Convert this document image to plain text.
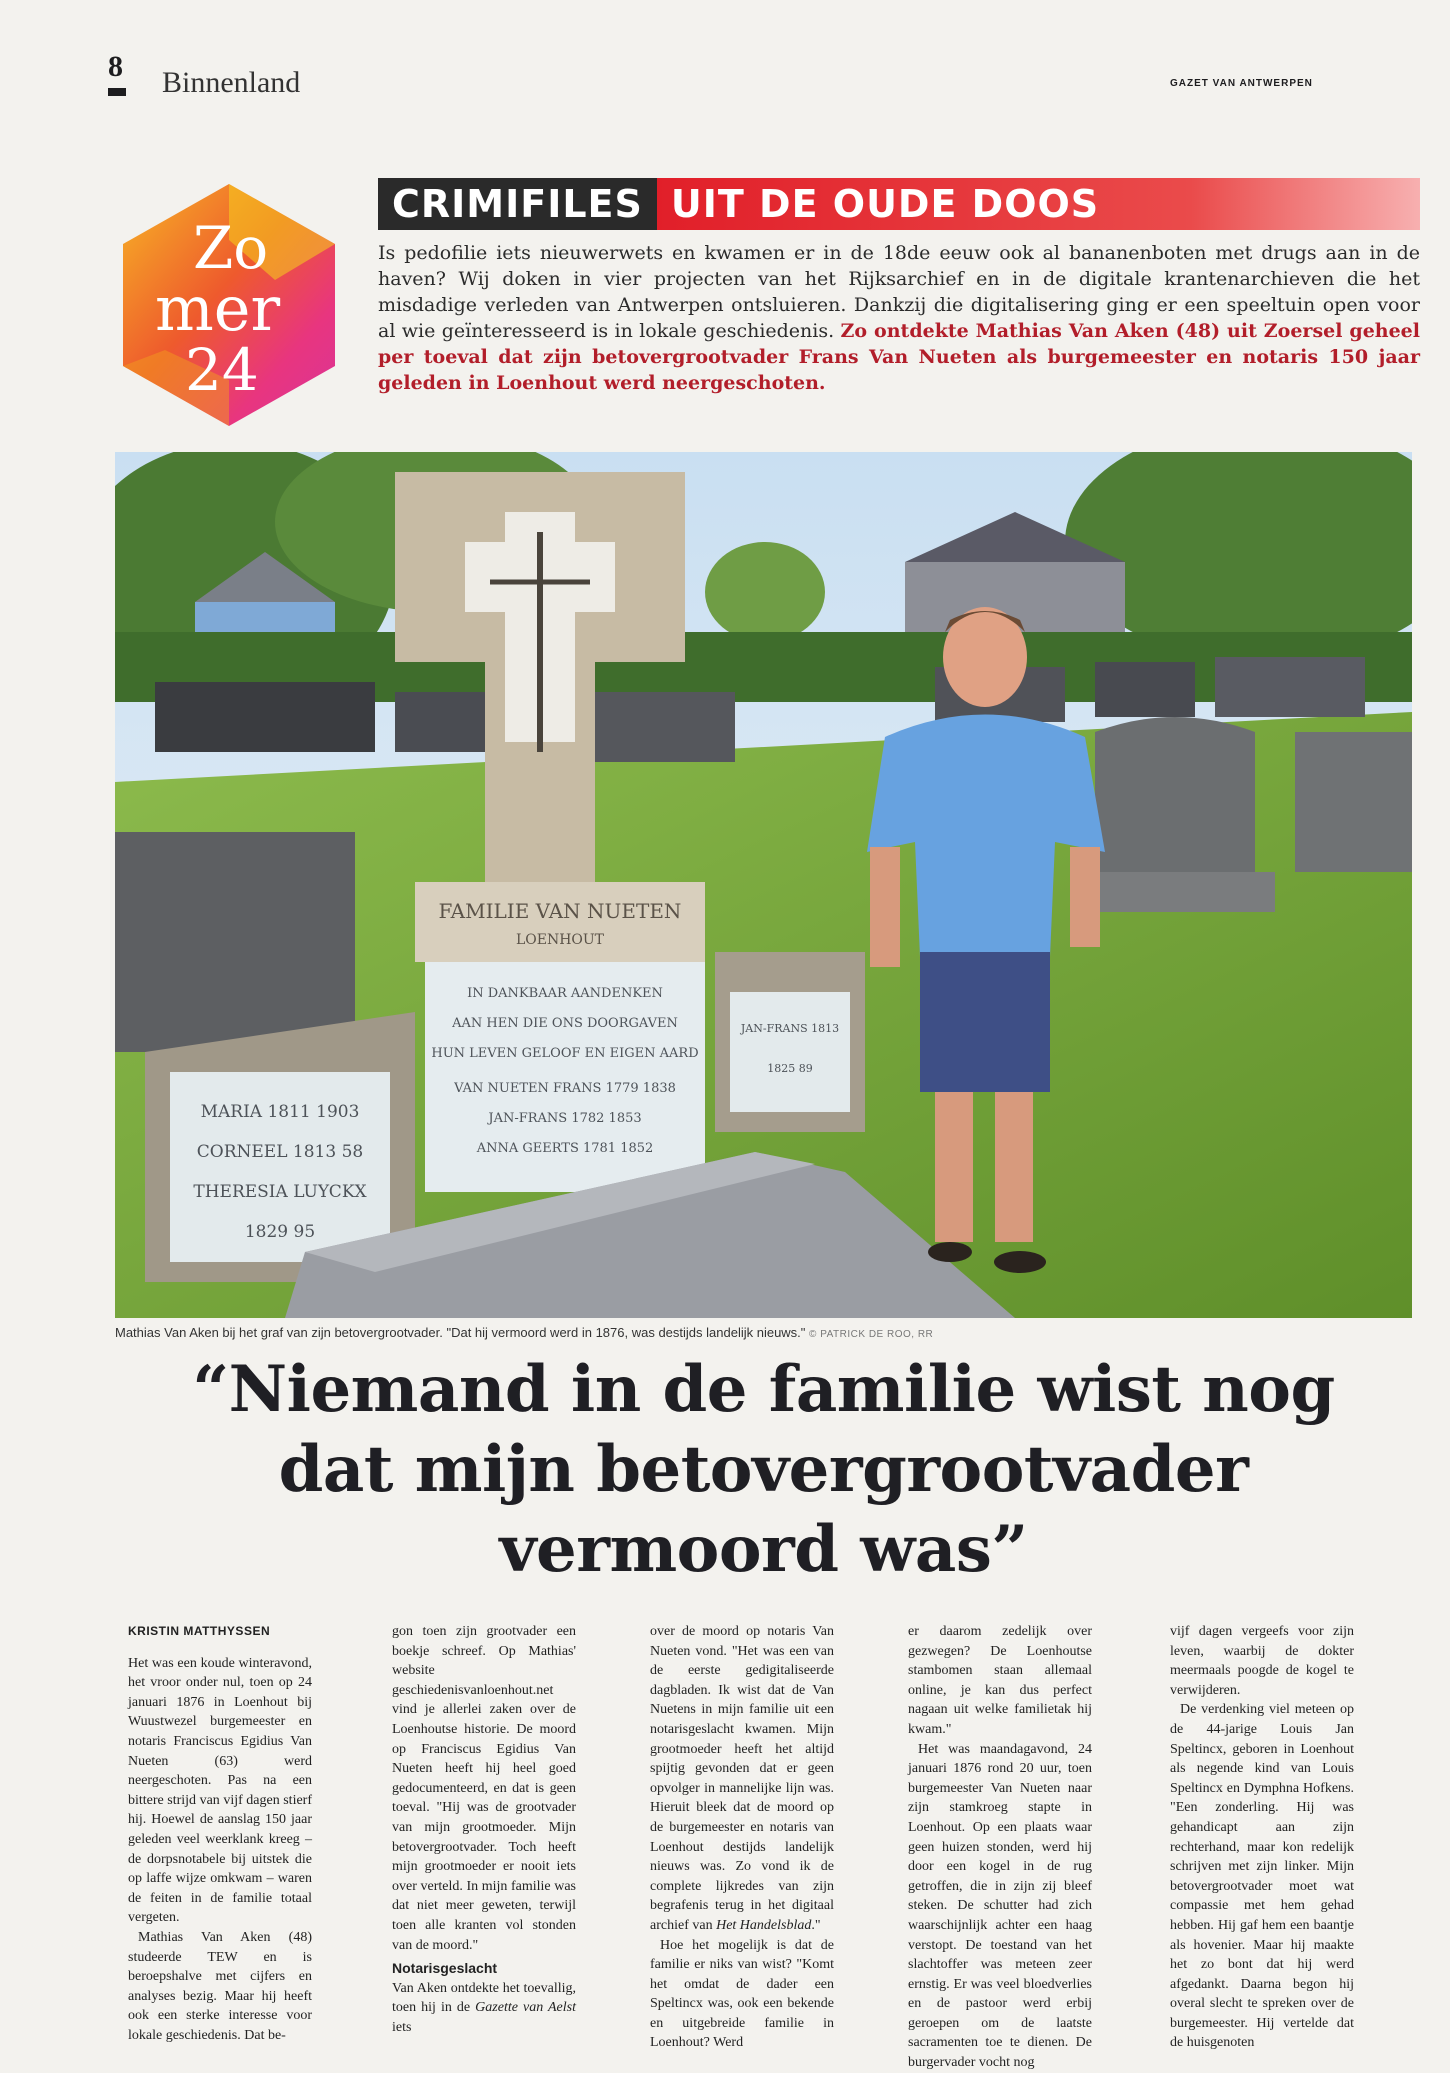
8 Binnenland	GAZET VAN ANTWERPEN
Zo
mer
24
CRIMIFILES UIT DE OUDE DOOS
Is pedofilie iets nieuwerwets en kwamen er in de 18de eeuw ook al bananenboten met drugs aan in de haven? Wij doken in vier projecten van het Rijksarchief en in de digitale krantenarchieven die het misdadige verleden van Antwerpen ontsluieren. Dankzij die digitalisering ging er een speeltuin open voor al wie geïnteresseerd is in lokale geschiedenis. Zo ontdekte Mathias Van Aken (48) uit Zoersel geheel per toeval dat zijn betovergrootvader Frans Van Nueten als burgemeester en notaris 150 jaar geleden in Loenhout werd neergeschoten.
FAMILIE VAN NUETEN
LOENHOUT
IN DANKBAAR AANDENKEN
AAN HEN DIE ONS DOORGAVEN
HUN LEVEN GELOOF EN EIGEN AARD
VAN NUETEN FRANS 1779 1838
JAN-FRANS 1782 1853
ANNA GEERTS 1781 1852
MARIA 1811 1903
CORNEEL 1813 58
THERESIA LUYCKX
1829 95
JAN-FRANS 1813
1825 89
Mathias Van Aken bij het graf van zijn betovergrootvader. "Dat hij vermoord werd in 1876, was destijds landelijk nieuws." © PATRICK DE ROO, RR
“Niemand in de familie wist nog
dat mijn betovergrootvader
vermoord was”
KRISTIN MATTHYSSEN

Het was een koude winteravond, het vroor onder nul, toen op 24 januari 1876 in Loenhout bij Wuustwezel burgemeester en notaris Franciscus Egidius Van Nueten (63) werd neergeschoten. Pas na een bittere strijd van vijf dagen stierf hij. Hoewel de aanslag 150 jaar geleden veel weerklank kreeg – de dorpsnotabele bij uitstek die op laffe wijze omkwam – waren de feiten in de familie totaal vergeten.

Mathias Van Aken (48) studeerde TEW en is beroepshalve met cijfers en analyses bezig. Maar hij heeft ook een sterke interesse voor lokale geschiedenis. Dat be-

gon toen zijn grootvader een boekje schreef. Op Mathias' website geschiedenisvanloenhout.net vind je allerlei zaken over de Loenhoutse historie. De moord op Franciscus Egidius Van Nueten heeft hij heel goed gedocumenteerd, en dat is geen toeval. "Hij was de grootvader van mijn grootmoeder. Mijn betovergrootvader. Toch heeft mijn grootmoeder er nooit iets over verteld. In mijn familie was dat niet meer geweten, terwijl toen alle kranten vol stonden van de moord."

Notarisgeslacht

Van Aken ontdekte het toevallig, toen hij in de Gazette van Aelst iets

over de moord op notaris Van Nueten vond. "Het was een van de eerste gedigitaliseerde dagbladen. Ik wist dat de Van Nuetens in mijn familie uit een notarisgeslacht kwamen. Mijn grootmoeder heeft het altijd spijtig gevonden dat er geen opvolger in mannelijke lijn was. Hieruit bleek dat de moord op de burgemeester en notaris van Loenhout destijds landelijk nieuws was. Zo vond ik de complete lijkredes van zijn begrafenis terug in het digitaal archief van Het Handelsblad."

Hoe het mogelijk is dat de familie er niks van wist? "Komt het omdat de dader een Speltincx was, ook een bekende en uitgebreide familie in Loenhout? Werd

er daarom zedelijk over gezwegen? De Loenhoutse stambomen staan allemaal online, je kan dus perfect nagaan uit welke familietak hij kwam."

Het was maandagavond, 24 januari 1876 rond 20 uur, toen burgemeester Van Nueten naar zijn stamkroeg stapte in Loenhout. Op een plaats waar geen huizen stonden, werd hij door een kogel in de rug getroffen, die in zijn zij bleef steken. De schutter had zich waarschijnlijk achter een haag verstopt. De toestand van het slachtoffer was meteen zeer ernstig. Er was veel bloedverlies en de pastoor werd erbij geroepen om de laatste sacramenten toe te dienen. De burgervader vocht nog

vijf dagen vergeefs voor zijn leven, waarbij de dokter meermaals poogde de kogel te verwijderen.

De verdenking viel meteen op de 44-jarige Louis Jan Speltincx, geboren in Loenhout als negende kind van Louis Speltincx en Dymphna Hofkens. "Een zonderling. Hij was gehandicapt aan zijn rechterhand, maar kon redelijk schrijven met zijn linker. Mijn betovergrootvader moet wat compassie met hem gehad hebben. Hij gaf hem een baantje als hovenier. Maar hij maakte het zo bont dat hij werd afgedankt. Daarna begon hij overal slecht te spreken over de burgemeester. Hij vertelde dat de huisgenoten
